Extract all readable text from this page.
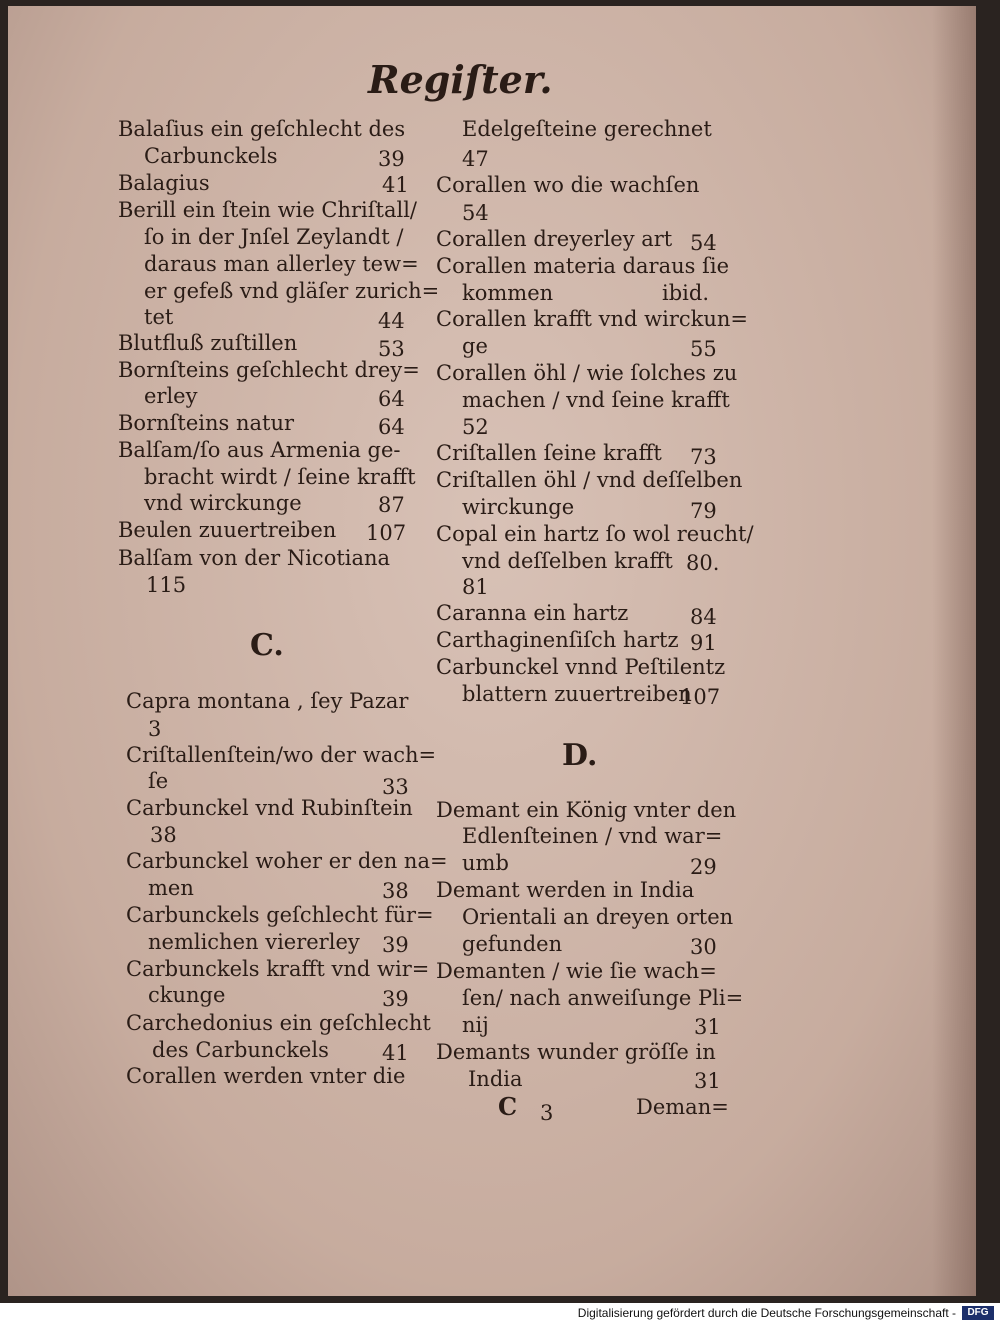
Regiſter.
Balaſius ein geſchlecht des
Carbunckels	39
Balagius	41
Berill ein ſtein wie Chriſtall/
ſo in der Jnſel Zeylandt /
daraus man allerley tew=
er gefeß vnd gläſer zurich=
tet	44
Blutfluß zuſtillen	53
Bornſteins geſchlecht drey=
erley	64
Bornſteins natur	64
Balſam/ſo aus Armenia ge-
bracht wirdt / ſeine krafft
vnd wirckunge	87
Beulen zuuertreiben 107
Balſam von der Nicotiana
115
C.
Capra montana , ſey Pazar
3
Criſtallenſtein/wo der wach=
ſe	33
Carbunckel vnd Rubinſtein
38
Carbunckel woher er den na=
men	38
Carbunckels geſchlecht für=
nemlichen viererley 39
Carbunckels krafft vnd wir=
ckunge	39
Carchedonius ein geſchlecht
des Carbunckels	41
Corallen werden vnter die
Edelgeſteine gerechnet
47
Corallen wo die wachſen
54
Corallen dreyerley art 54
Corallen materia daraus ſie
kommen	ibid.
Corallen krafft vnd wirckun=
ge	55
Corallen öhl / wie ſolches zu
machen / vnd ſeine krafft
52
Criſtallen ſeine krafft 73
Criſtallen öhl / vnd deſſelben
wirckunge	79
Copal ein hartz ſo wol reucht/
vnd deſſelben krafft 80.
81
Caranna ein hartz	84
Carthaginenſiſch hartz 91
Carbunckel vnnd Peſtilentz
blattern zuuertreiben
107
D.
Demant ein König vnter den
Edlenſteinen / vnd war=
umb	29
Demant werden in India
Orientali an dreyen orten
gefunden	30
Demanten / wie ſie wach=
ſen/ nach anweiſunge Pli=
nij	31
Demants wunder gröſſe in
India	31
C 3	Deman=
Digitalisierung gefördert durch die Deutsche Forschungsgemeinschaft -	DFG
